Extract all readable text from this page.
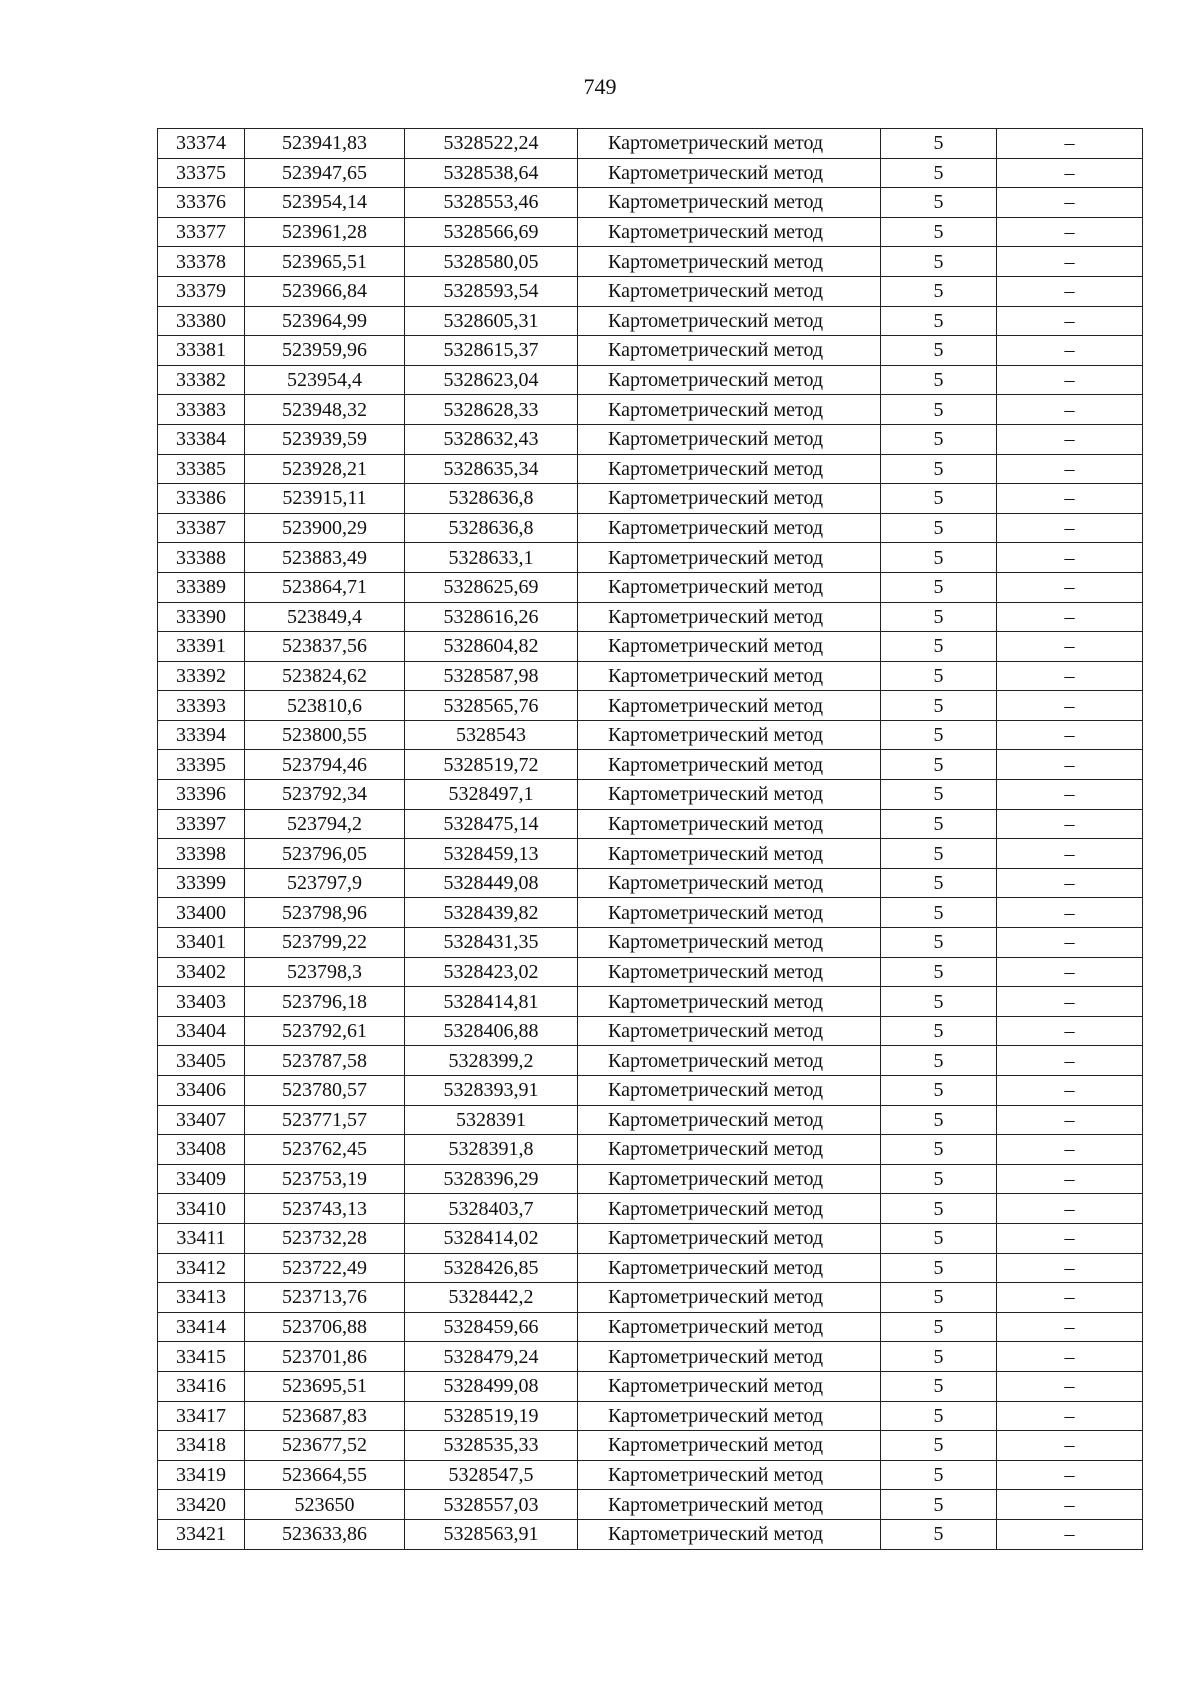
749
33374	523941,83	5328522,24	Картометрический метод	5	–
33375	523947,65	5328538,64	Картометрический метод	5	–
33376	523954,14	5328553,46	Картометрический метод	5	–
33377	523961,28	5328566,69	Картометрический метод	5	–
33378	523965,51	5328580,05	Картометрический метод	5	–
33379	523966,84	5328593,54	Картометрический метод	5	–
33380	523964,99	5328605,31	Картометрический метод	5	–
33381	523959,96	5328615,37	Картометрический метод	5	–
33382	523954,4	5328623,04	Картометрический метод	5	–
33383	523948,32	5328628,33	Картометрический метод	5	–
33384	523939,59	5328632,43	Картометрический метод	5	–
33385	523928,21	5328635,34	Картометрический метод	5	–
33386	523915,11	5328636,8	Картометрический метод	5	–
33387	523900,29	5328636,8	Картометрический метод	5	–
33388	523883,49	5328633,1	Картометрический метод	5	–
33389	523864,71	5328625,69	Картометрический метод	5	–
33390	523849,4	5328616,26	Картометрический метод	5	–
33391	523837,56	5328604,82	Картометрический метод	5	–
33392	523824,62	5328587,98	Картометрический метод	5	–
33393	523810,6	5328565,76	Картометрический метод	5	–
33394	523800,55	5328543	Картометрический метод	5	–
33395	523794,46	5328519,72	Картометрический метод	5	–
33396	523792,34	5328497,1	Картометрический метод	5	–
33397	523794,2	5328475,14	Картометрический метод	5	–
33398	523796,05	5328459,13	Картометрический метод	5	–
33399	523797,9	5328449,08	Картометрический метод	5	–
33400	523798,96	5328439,82	Картометрический метод	5	–
33401	523799,22	5328431,35	Картометрический метод	5	–
33402	523798,3	5328423,02	Картометрический метод	5	–
33403	523796,18	5328414,81	Картометрический метод	5	–
33404	523792,61	5328406,88	Картометрический метод	5	–
33405	523787,58	5328399,2	Картометрический метод	5	–
33406	523780,57	5328393,91	Картометрический метод	5	–
33407	523771,57	5328391	Картометрический метод	5	–
33408	523762,45	5328391,8	Картометрический метод	5	–
33409	523753,19	5328396,29	Картометрический метод	5	–
33410	523743,13	5328403,7	Картометрический метод	5	–
33411	523732,28	5328414,02	Картометрический метод	5	–
33412	523722,49	5328426,85	Картометрический метод	5	–
33413	523713,76	5328442,2	Картометрический метод	5	–
33414	523706,88	5328459,66	Картометрический метод	5	–
33415	523701,86	5328479,24	Картометрический метод	5	–
33416	523695,51	5328499,08	Картометрический метод	5	–
33417	523687,83	5328519,19	Картометрический метод	5	–
33418	523677,52	5328535,33	Картометрический метод	5	–
33419	523664,55	5328547,5	Картометрический метод	5	–
33420	523650	5328557,03	Картометрический метод	5	–
33421	523633,86	5328563,91	Картометрический метод	5	–
